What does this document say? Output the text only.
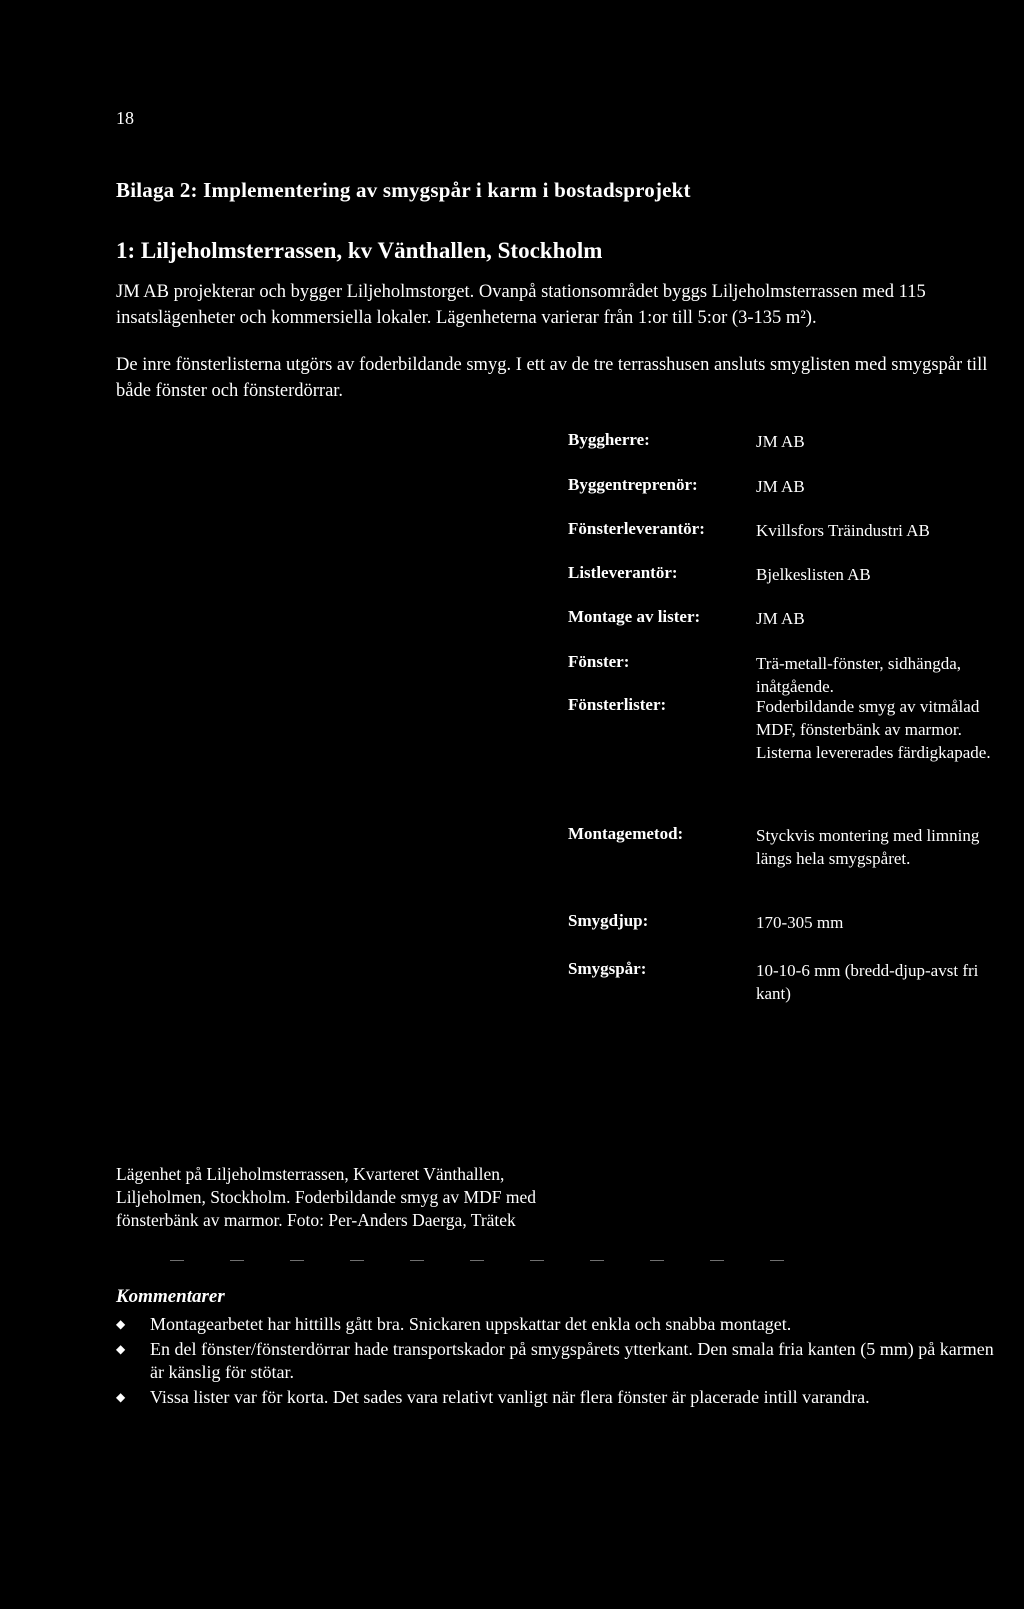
18
Bilaga 2: Implementering av smygspår i karm i bostadsprojekt
1: Liljeholmsterrassen, kv Vänthallen, Stockholm
JM AB projekterar och bygger Liljeholmstorget. Ovanpå stationsområdet byggs Liljeholmsterrassen med 115 insatslägenheter och kommersiella lokaler. Lägenheterna varierar från 1:or till 5:or (3-135 m²).
De inre fönsterlisterna utgörs av foderbildande smyg. I ett av de tre terrasshusen ansluts smyglisten med smygspår till både fönster och fönsterdörrar.
Byggherre:	JM AB
Byggentreprenör:	JM AB
Fönsterleverantör:	Kvillsfors Träindustri AB
Listleverantör:	Bjelkeslisten AB
Montage av lister:	JM AB
Fönster:	Trä-metall-fönster, sidhängda, inåtgående.
Fönsterlister:	Foderbildande smyg av vitmålad MDF, fönsterbänk av marmor. Listerna levererades färdigkapade.
Montagemetod:	Styckvis montering med limning längs hela smygspåret.
Smygdjup:	170-305 mm
Smygspår:	10-10-6 mm (bredd-djup-avst fri kant)
Lägenhet på Liljeholmsterrassen, Kvarteret Vänthallen, Liljeholmen, Stockholm. Foderbildande smyg av MDF med fönsterbänk av marmor. Foto: Per-Anders Daerga, Trätek
Kommentarer
◆ Montagearbetet har hittills gått bra. Snickaren uppskattar det enkla och snabba montaget.
◆ En del fönster/fönsterdörrar hade transportskador på smygspårets ytterkant. Den smala fria kanten (5 mm) på karmen är känslig för stötar.
◆ Vissa lister var för korta. Det sades vara relativt vanligt när flera fönster är placerade intill varandra.
